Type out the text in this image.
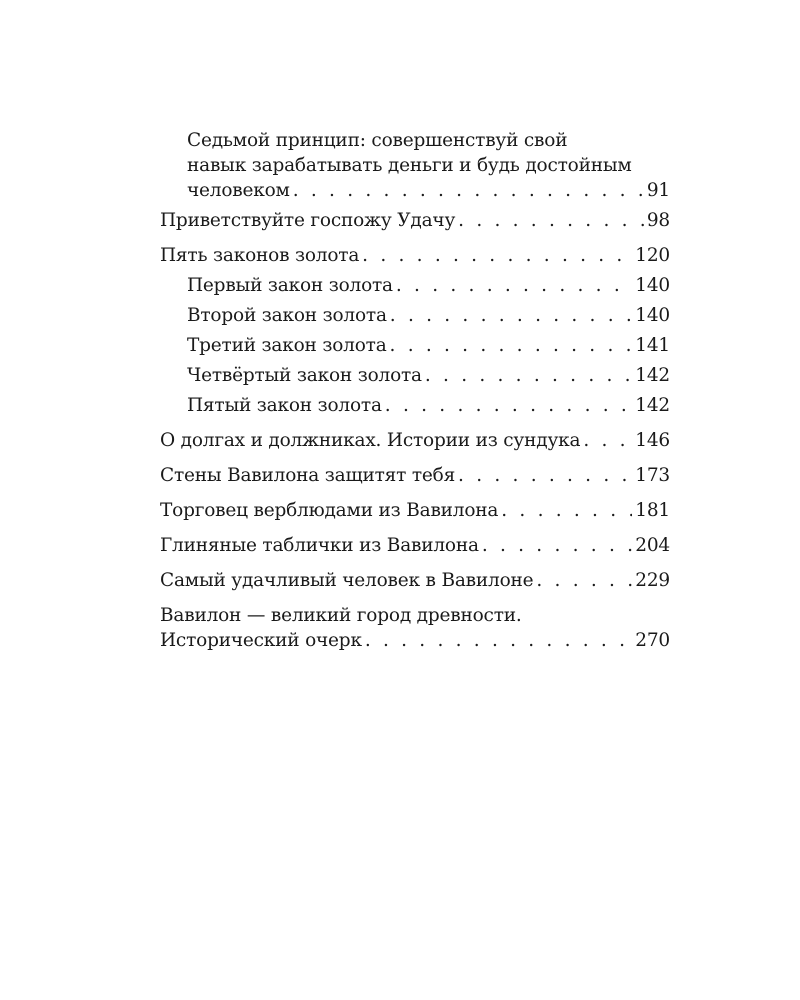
Седьмой принцип: совершенствуй свой
навык зарабатывать деньги и будь достойным
человеком . . .	91
Приветствуйте госпожу Удачу . . .	98
Пять законов золота . . .	120
Первый закон золота . . .	140
Второй закон золота . . .	140
Третий закон золота . . .	141
Четвёртый закон золота . . .	142
Пятый закон золота . . .	142
О долгах и должниках. Истории из сундука . . .	146
Стены Вавилона защитят тебя . . .	173
Торговец верблюдами из Вавилона . . .	181
Глиняные таблички из Вавилона . . .	204
Самый удачливый человек в Вавилоне . . .	229
Вавилон — великий город древности.
Исторический очерк . . .	270
